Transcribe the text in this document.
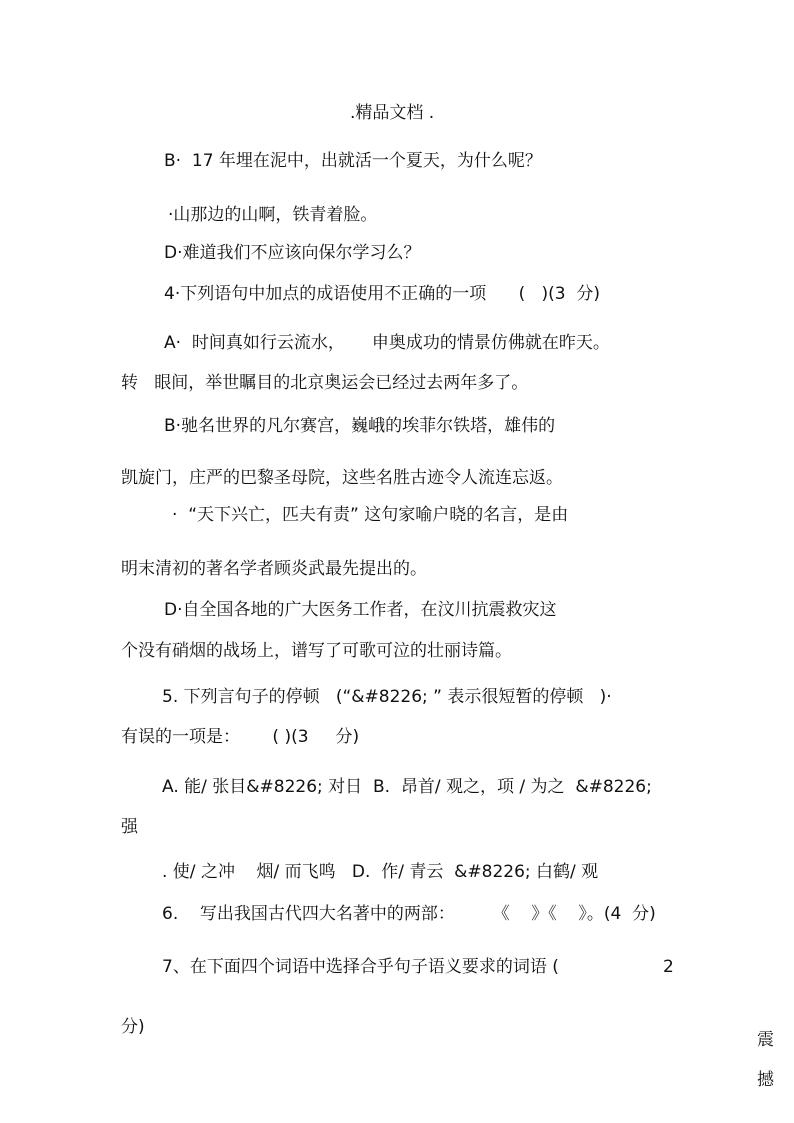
.精品文档 .
B·  17 年埋在泥中，出就活一个夏天，为什么呢？
·山那边的山啊，铁青着脸。
D·难道我们不应该向保尔学习么？
4·下列语句中加点的成语使用不正确的一项      (   )(3  分)
A·  时间真如行云流水，     申奥成功的情景仿佛就在昨天。
转   眼间，举世瞩目的北京奥运会已经过去两年多了。
B·驰名世界的凡尔赛宫，巍峨的埃菲尔铁塔，雄伟的
凯旋门，庄严的巴黎圣母院，这些名胜古迹令人流连忘返。
·  “天下兴亡，匹夫有责” 这句家喻户晓的名言，是由
明末清初的著名学者顾炎武最先提出的。
D·自全国各地的广大医务工作者，在汶川抗震救灾这
个没有硝烟的战场上，谱写了可歌可泣的壮丽诗篇。
5. 下列言句子的停顿   (“&#8226; ” 表示很短暂的停顿   )·
有误的一项是：      ( )(3     分)
A. 能/ 张目&#8226; 对日  B.  昂首/ 观之，项 / 为之  &#8226;
强
. 使/ 之冲    烟/ 而飞鸣   D.  作/ 青云  &#8226; 白鹤/ 观
6.    写出我国古代四大名著中的两部：       《    》《    》。(4  分)
7、在下面四个词语中选择合乎句子语义要求的词语 (	2
分)
震
撼
